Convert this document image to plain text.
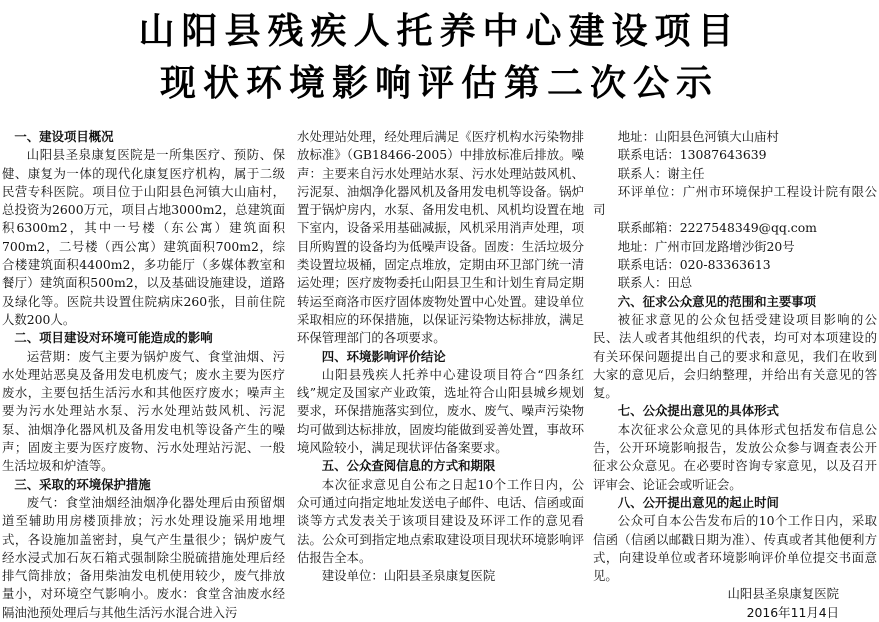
山阳县残疾人托养中心建设项目
现状环境影响评估第二次公示
一、建设项目概况

山阳县圣泉康复医院是一所集医疗、预防、保健、康复为一体的现代化康复医疗机构，属于二级民营专科医院。项目位于山阳县色河镇大山庙村，总投资为2600万元，项目占地3000m2，总建筑面积6300m2，其中一号楼（东公寓）建筑面积700m2，二号楼（西公寓）建筑面积700m2，综合楼建筑面积4400m2，多功能厅（多媒体教室和餐厅）建筑面积500m2，以及基础设施建设，道路及绿化等。医院共设置住院病床260张，目前住院人数200人。

二、项目建设对环境可能造成的影响

运营期：废气主要为锅炉废气、食堂油烟、污水处理站恶臭及备用发电机废气；废水主要为医疗废水，主要包括生活污水和其他医疗废水；噪声主要为污水处理站水泵、污水处理站鼓风机、污泥泵、油烟净化器风机及备用发电机等设备产生的噪声；固废主要为医疗废物、污水处理站污泥、一般生活垃圾和炉渣等。

三、采取的环境保护措施

废气：食堂油烟经油烟净化器处理后由预留烟道至辅助用房楼顶排放；污水处理设施采用地埋式，各设施加盖密封，臭气产生量很少；锅炉废气经水浸式加石灰石箱式强制除尘脱硫措施处理后经排气筒排放；备用柴油发电机使用较少，废气排放量小，对环境空气影响小。废水：食堂含油废水经隔油池预处理后与其他生活污水混合进入污

水处理站处理，经处理后满足《医疗机构水污染物排放标准》（GB18466-2005）中排放标准后排放。噪声：主要来自污水处理站水泵、污水处理站鼓风机、污泥泵、油烟净化器风机及备用发电机等设备。锅炉置于锅炉房内，水泵、备用发电机、风机均设置在地下室内，设备采用基础减振，风机采用消声处理，项目所购置的设备均为低噪声设备。固废：生活垃圾分类设置垃圾桶，固定点堆放，定期由环卫部门统一清运处理；医疗废物委托山阳县卫生和计划生育局定期转运至商洛市医疗固体废物处置中心处置。建设单位采取相应的环保措施，以保证污染物达标排放，满足环保管理部门的各项要求。

四、环境影响评价结论

山阳县残疾人托养中心建设项目符合“四条红线”规定及国家产业政策，选址符合山阳县城乡规划要求，环保措施落实到位，废水、废气、噪声污染物均可做到达标排放，固废均能做到妥善处置，事故环境风险较小，满足现状评估备案要求。

五、公众查阅信息的方式和期限

本次征求意见自公布之日起10个工作日内，公众可通过向指定地址发送电子邮件、电话、信函或面谈等方式发表关于该项目建设及环评工作的意见看法。公众可到指定地点索取建设项目现状环境影响评估报告全本。

建设单位：山阳县圣泉康复医院
地址：山阳县色河镇大山庙村
联系电话：13087643639
联系人：谢主任

环评单位：广州市环境保护工程设计院有限公司

联系邮箱：2227548349@qq.com
地址：广州市回龙路增沙街20号
联系电话：020-83363613
联系人：田总
六、征求公众意见的范围和主要事项

被征求意见的公众包括受建设项目影响的公民、法人或者其他组织的代表，均可对本项建设的有关环保问题提出自己的要求和意见，我们在收到大家的意见后，会归纳整理，并给出有关意见的答复。

七、公众提出意见的具体形式

本次征求公众意见的具体形式包括发布信息公告，公开环境影响报告，发放公众参与调查表公开征求公众意见。在必要时咨询专家意见，以及召开评审会、论证会或听证会。

八、公开提出意见的起止时间

公众可自本公告发布后的10个工作日内，采取信函（信函以邮戳日期为准）、传真或者其他便利方式，向建设单位或者环境影响评价单位提交书面意见。

山阳县圣泉康复医院
2016年11月4日
